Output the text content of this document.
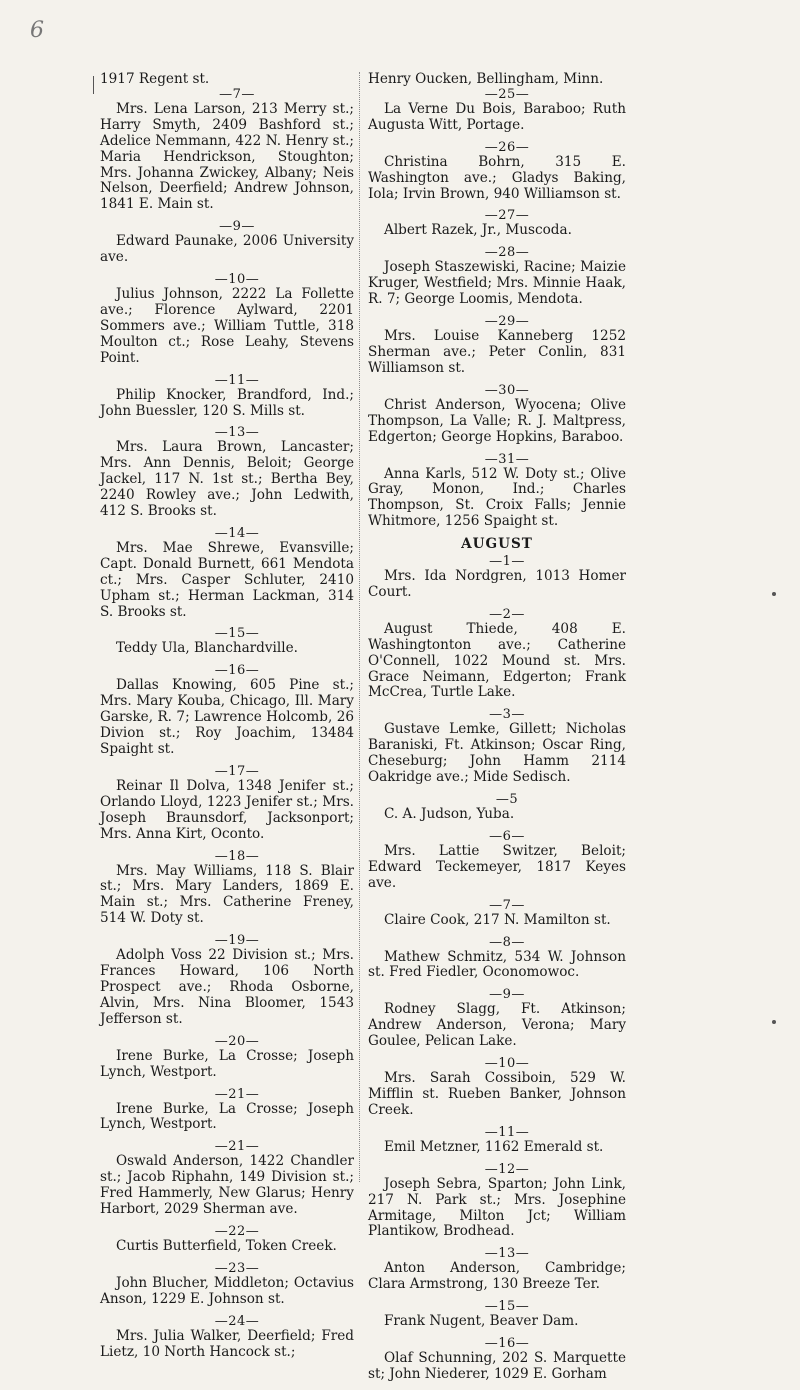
6

1917 Regent st.

—7—

Mrs. Lena Larson, 213 Merry st.; Harry Smyth, 2409 Bashford st.; Adelice Nemmann, 422 N. Henry st.; Maria Hendrickson, Stoughton; Mrs. Johanna Zwickey, Albany; Neis Nelson, Deerfield; Andrew Johnson, 1841 E. Main st.

—9—

Edward Paunake, 2006 University ave.

—10—

Julius Johnson, 2222 La Follette ave.; Florence Aylward, 2201 Sommers ave.; William Tuttle, 318 Moulton ct.; Rose Leahy, Stevens Point.

—11—

Philip Knocker, Brandford, Ind.; John Buessler, 120 S. Mills st.

—13—

Mrs. Laura Brown, Lancaster; Mrs. Ann Dennis, Beloit; George Jackel, 117 N. 1st st.; Bertha Bey, 2240 Rowley ave.; John Ledwith, 412 S. Brooks st.

—14—

Mrs. Mae Shrewe, Evansville; Capt. Donald Burnett, 661 Mendota ct.; Mrs. Casper Schluter, 2410 Upham st.; Herman Lackman, 314 S. Brooks st.

—15—

Teddy Ula, Blanchardville.

—16—

Dallas Knowing, 605 Pine st.; Mrs. Mary Kouba, Chicago, Ill. Mary Garske, R. 7; Lawrence Holcomb, 26 Divion st.; Roy Joachim, 13484 Spaight st.

—17—

Reinar Il Dolva, 1348 Jenifer st.; Orlando Lloyd, 1223 Jenifer st.; Mrs. Joseph Braunsdorf, Jacksonport; Mrs. Anna Kirt, Oconto.

—18—

Mrs. May Williams, 118 S. Blair st.; Mrs. Mary Landers, 1869 E. Main st.; Mrs. Catherine Freney, 514 W. Doty st.

—19—

Adolph Voss 22 Division st.; Mrs. Frances Howard, 106 North Prospect ave.; Rhoda Osborne, Alvin, Mrs. Nina Bloomer, 1543 Jefferson st.

—20—

Irene Burke, La Crosse; Joseph Lynch, Westport.

—21—

Irene Burke, La Crosse; Joseph Lynch, Westport.

—21—

Oswald Anderson, 1422 Chandler st.; Jacob Riphahn, 149 Division st.; Fred Hammerly, New Glarus; Henry Harbort, 2029 Sherman ave.

—22—

Curtis Butterfield, Token Creek.

—23—

John Blucher, Middleton; Octavius Anson, 1229 E. Johnson st.

—24—

Mrs. Julia Walker, Deerfield; Fred Lietz, 10 North Hancock st.;

Henry Oucken, Bellingham, Minn.

—25—

La Verne Du Bois, Baraboo; Ruth Augusta Witt, Portage.

—26—

Christina Bohrn, 315 E. Washington ave.; Gladys Baking, Iola; Irvin Brown, 940 Williamson st.

—27—

Albert Razek, Jr., Muscoda.

—28—

Joseph Staszewiski, Racine; Maizie Kruger, Westfield; Mrs. Minnie Haak, R. 7; George Loomis, Mendota.

—29—

Mrs. Louise Kanneberg 1252 Sherman ave.; Peter Conlin, 831 Williamson st.

—30—

Christ Anderson, Wyocena; Olive Thompson, La Valle; R. J. Maltpress, Edgerton; George Hopkins, Baraboo.

—31—

Anna Karls, 512 W. Doty st.; Olive Gray, Monon, Ind.; Charles Thompson, St. Croix Falls; Jennie Whitmore, 1256 Spaight st.

AUGUST

—1—

Mrs. Ida Nordgren, 1013 Homer Court.

—2—

August Thiede, 408 E. Washingtonton ave.; Catherine O'Connell, 1022 Mound st. Mrs. Grace Neimann, Edgerton; Frank McCrea, Turtle Lake.

—3—

Gustave Lemke, Gillett; Nicholas Baraniski, Ft. Atkinson; Oscar Ring, Cheseburg; John Hamm 2114 Oakridge ave.; Mide Sedisch.

—5

C. A. Judson, Yuba.

—6—

Mrs. Lattie Switzer, Beloit; Edward Teckemeyer, 1817 Keyes ave.

—7—

Claire Cook, 217 N. Mamilton st.

—8—

Mathew Schmitz, 534 W. Johnson st. Fred Fiedler, Oconomowoc.

—9—

Rodney Slagg, Ft. Atkinson; Andrew Anderson, Verona; Mary Goulee, Pelican Lake.

—10—

Mrs. Sarah Cossiboin, 529 W. Mifflin st. Rueben Banker, Johnson Creek.

—11—

Emil Metzner, 1162 Emerald st.

—12—

Joseph Sebra, Sparton; John Link, 217 N. Park st.; Mrs. Josephine Armitage, Milton Jct; William Plantikow, Brodhead.

—13—

Anton Anderson, Cambridge; Clara Armstrong, 130 Breeze Ter.

—15—

Frank Nugent, Beaver Dam.

—16—

Olaf Schunning, 202 S. Marquette st; John Niederer, 1029 E. Gorham
